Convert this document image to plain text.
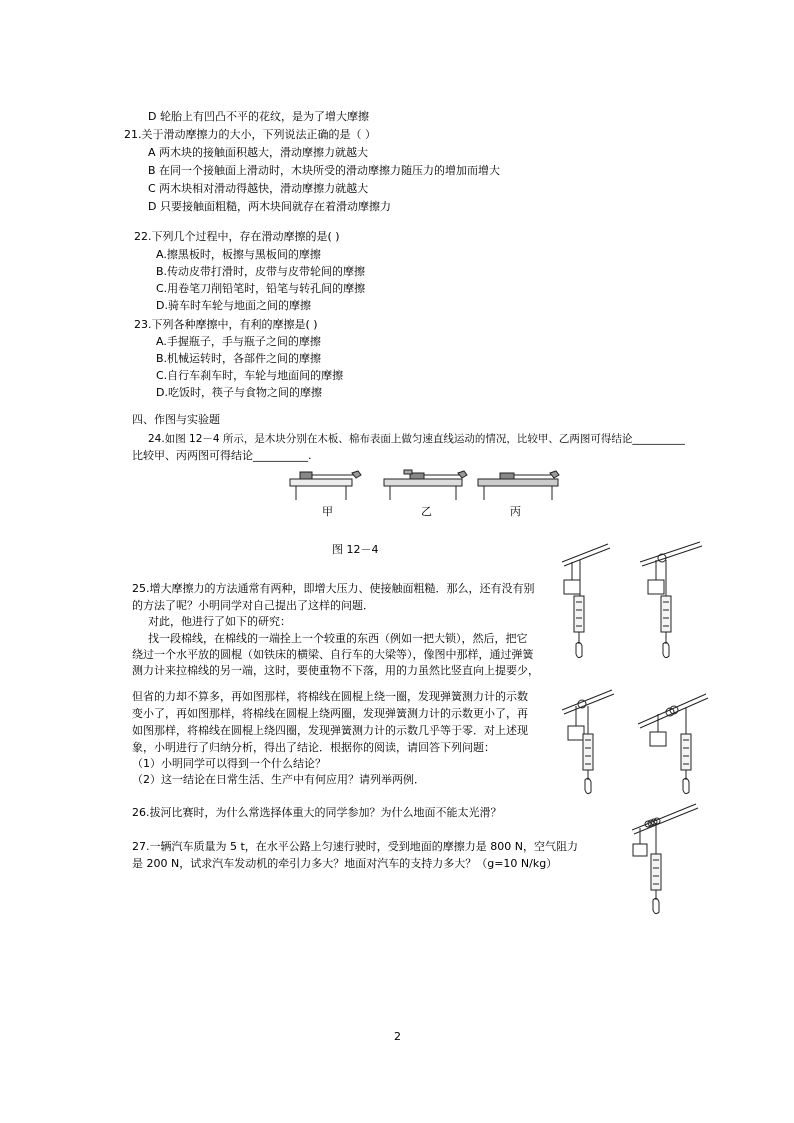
D 轮胎上有凹凸不平的花纹，是为了增大摩擦
21.关于滑动摩擦力的大小，下列说法正确的是（ ）
A 两木块的接触面积越大，滑动摩擦力就越大
B 在同一个接触面上滑动时，木块所受的滑动摩擦力随压力的增加而增大
C 两木块相对滑动得越快，滑动摩擦力就越大
D 只要接触面粗糙，两木块间就存在着滑动摩擦力
22.下列几个过程中，存在滑动摩擦的是( )
A.擦黑板时，板擦与黑板间的摩擦
B.传动皮带打滑时，皮带与皮带轮间的摩擦
C.用卷笔刀削铅笔时，铅笔与转孔间的摩擦
D.骑车时车轮与地面之间的摩擦
23.下列各种摩擦中，有利的摩擦是( )
A.手握瓶子，手与瓶子之间的摩擦
B.机械运转时，各部件之间的摩擦
C.自行车刹车时，车轮与地面间的摩擦
D.吃饭时，筷子与食物之间的摩擦
四、作图与实验题
24.如图 12－4 所示，是木块分别在木板、棉布表面上做匀速直线运动的情况，比较甲、乙两图可得结论__________
比较甲、丙两图可得结论__________.
甲	乙	丙
图 12－4
25.增大摩擦力的方法通常有两种，即增大压力、使接触面粗糙．那么，还有没有别
的方法了呢？小明同学对自己提出了这样的问题．
对此，他进行了如下的研究：
找一段棉线，在棉线的一端拴上一个较重的东西（例如一把大锁），然后，把它
绕过一个水平放的圆棍（如铁床的横梁、自行车的大梁等），像图中那样，通过弹簧
测力计来拉棉线的另一端，这时，要使重物不下落，用的力虽然比竖直向上提要少，
但省的力却不算多，再如图那样，将棉线在圆棍上绕一圈，发现弹簧测力计的示数
变小了，再如图那样，将棉线在圆棍上绕两圈，发现弹簧测力计的示数更小了，再
如图那样，将棉线在圆棍上绕四圈，发现弹簧测力计的示数几乎等于零．对上述现
象，小明进行了归纳分析，得出了结论．根据你的阅读，请回答下列问题：
（1）小明同学可以得到一个什么结论？
（2）这一结论在日常生活、生产中有何应用？请列举两例．
26.拔河比赛时，为什么常选择体重大的同学参加？为什么地面不能太光滑？
27.一辆汽车质量为 5 t，在水平公路上匀速行驶时，受到地面的摩擦力是 800 N，空气阻力
是 200 N，试求汽车发动机的牵引力多大？地面对汽车的支持力多大？（g=10 N/kg）
2
